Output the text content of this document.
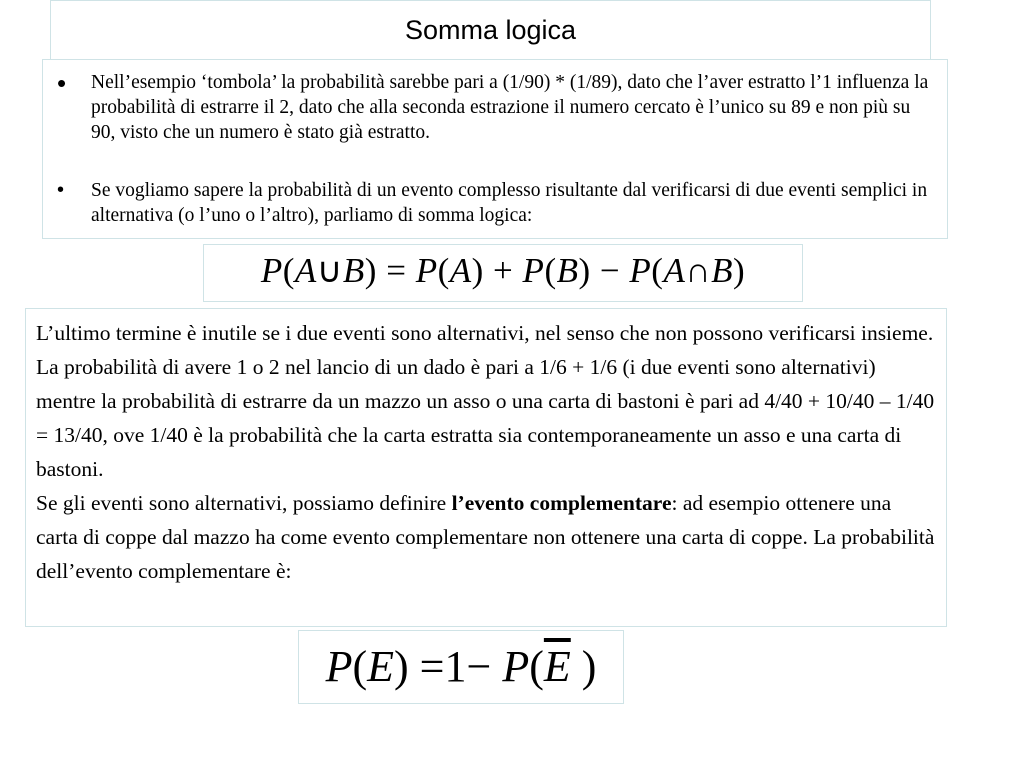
Somma logica
• Nell’esempio ‘tombola’ la probabilità sarebbe pari a (1/90) * (1/89), dato che l’aver estratto l’1 influenza la probabilità di estrarre il 2, dato che alla seconda estrazione il numero cercato è l’unico su 89 e non più su 90, visto che un numero è stato già estratto.
• Se vogliamo sapere la probabilità di un evento complesso risultante dal verificarsi di due eventi semplici in alternativa (o l’uno o l’altro), parliamo di somma logica:
P(A∪B) = P(A) + P(B) − P(A∩B)
L’ultimo termine è inutile se i due eventi sono alternativi, nel senso che non possono verificarsi insieme. La probabilità di avere 1 o 2 nel lancio di un dado è pari a 1/6 + 1/6 (i due eventi sono alternativi) mentre la probabilità di estrarre da un mazzo un asso o una carta di bastoni è pari ad 4/40 + 10/40 – 1/40 = 13/40, ove 1/40 è la probabilità che la carta estratta sia contemporaneamente un asso e una carta di bastoni.
Se gli eventi sono alternativi, possiamo definire l’evento complementare: ad esempio ottenere una carta di coppe dal mazzo ha come evento complementare non ottenere una carta di coppe. La probabilità dell’evento complementare è:
$P(E) =1- P(\overline{E}$ )
